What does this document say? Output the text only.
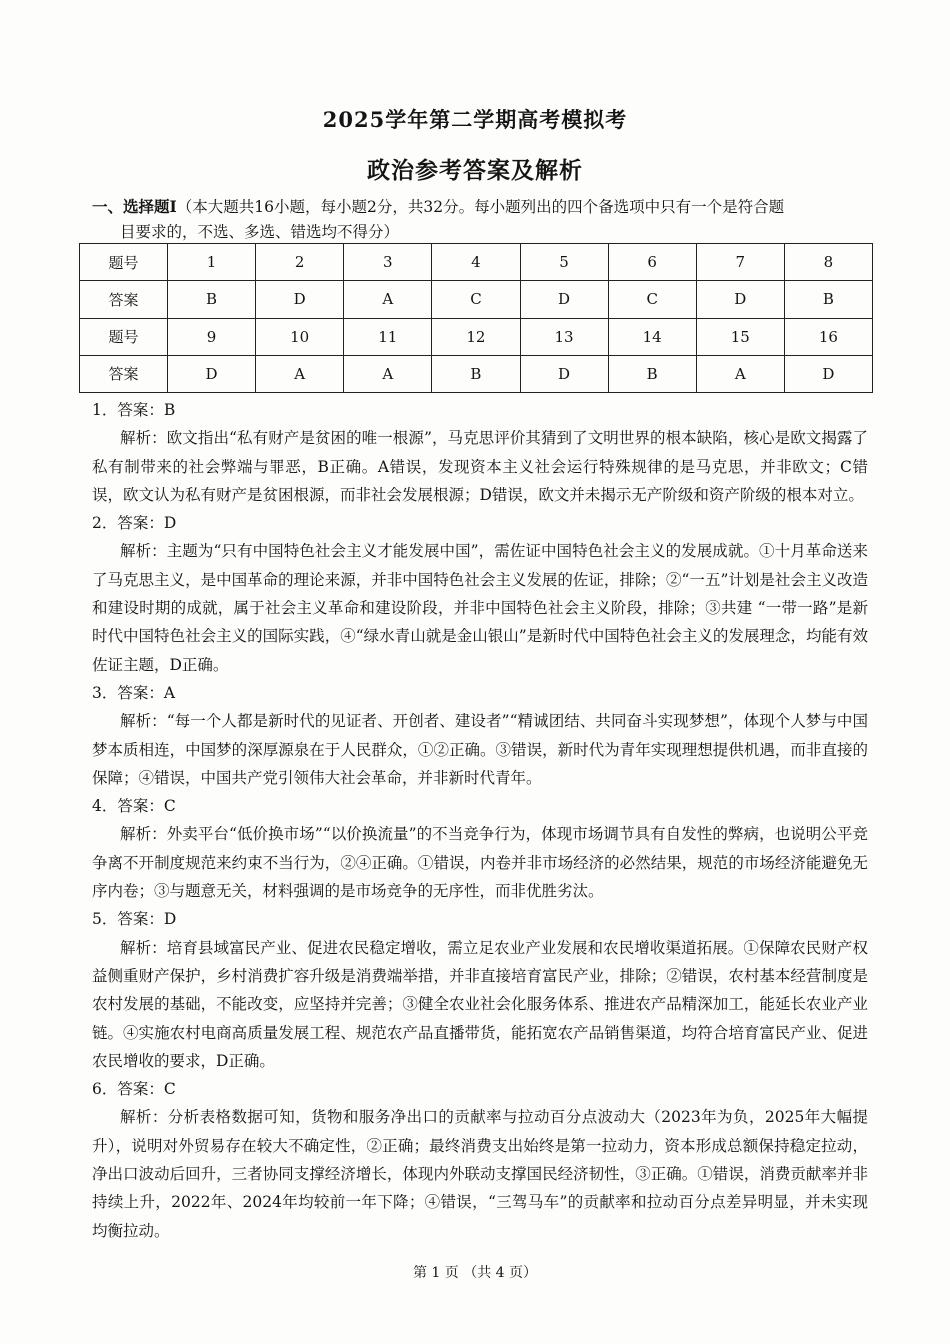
2025学年第二学期高考模拟考
政治参考答案及解析
一、选择题Ⅰ（本大题共16小题，每小题2分，共32分。每小题列出的四个备选项中只有一个是符合题
目要求的，不选、多选、错选均不得分）
题号	1	2	3	4	5	6	7	8
答案	B	D	A	C	D	C	D	B
题号	9	10	11	12	13	14	15	16
答案	D	A	A	B	D	B	A	D

1．答案：B

解析：欧文指出“私有财产是贫困的唯一根源”，马克思评价其猜到了文明世界的根本缺陷，核心是欧文揭露了私有制带来的社会弊端与罪恶，B正确。A错误，发现资本主义社会运行特殊规律的是马克思，并非欧文；C错误，欧文认为私有财产是贫困根源，而非社会发展根源；D错误，欧文并未揭示无产阶级和资产阶级的根本对立。

2．答案：D

解析：主题为“只有中国特色社会主义才能发展中国”，需佐证中国特色社会主义的发展成就。①十月革命送来了马克思主义，是中国革命的理论来源，并非中国特色社会主义发展的佐证，排除；②“一五”计划是社会主义改造和建设时期的成就，属于社会主义革命和建设阶段，并非中国特色社会主义阶段，排除；③共建 “一带一路”是新时代中国特色社会主义的国际实践，④“绿水青山就是金山银山”是新时代中国特色社会主义的发展理念，均能有效佐证主题，D正确。

3．答案：A

解析：“每一个人都是新时代的见证者、开创者、建设者”“精诚团结、共同奋斗实现梦想”，体现个人梦与中国梦本质相连，中国梦的深厚源泉在于人民群众，①②正确。③错误，新时代为青年实现理想提供机遇，而非直接的保障；④错误，中国共产党引领伟大社会革命，并非新时代青年。

4．答案：C

解析：外卖平台“低价换市场”“以价换流量”的不当竞争行为，体现市场调节具有自发性的弊病，也说明公平竞争离不开制度规范来约束不当行为，②④正确。①错误，内卷并非市场经济的必然结果，规范的市场经济能避免无序内卷；③与题意无关，材料强调的是市场竞争的无序性，而非优胜劣汰。

5．答案：D

解析：培育县域富民产业、促进农民稳定增收，需立足农业产业发展和农民增收渠道拓展。①保障农民财产权益侧重财产保护，乡村消费扩容升级是消费端举措，并非直接培育富民产业，排除；②错误，农村基本经营制度是农村发展的基础，不能改变，应坚持并完善；③健全农业社会化服务体系、推进农产品精深加工，能延长农业产业链。④实施农村电商高质量发展工程、规范农产品直播带货，能拓宽农产品销售渠道，均符合培育富民产业、促进农民增收的要求，D正确。

6．答案：C

解析：分析表格数据可知，货物和服务净出口的贡献率与拉动百分点波动大（2023年为负，2025年大幅提升），说明对外贸易存在较大不确定性，②正确；最终消费支出始终是第一拉动力，资本形成总额保持稳定拉动，净出口波动后回升，三者协同支撑经济增长，体现内外联动支撑国民经济韧性，③正确。①错误，消费贡献率并非持续上升，2022年、2024年均较前一年下降；④错误，“三驾马车”的贡献率和拉动百分点差异明显，并未实现均衡拉动。

第 1 页 （共 4 页）
